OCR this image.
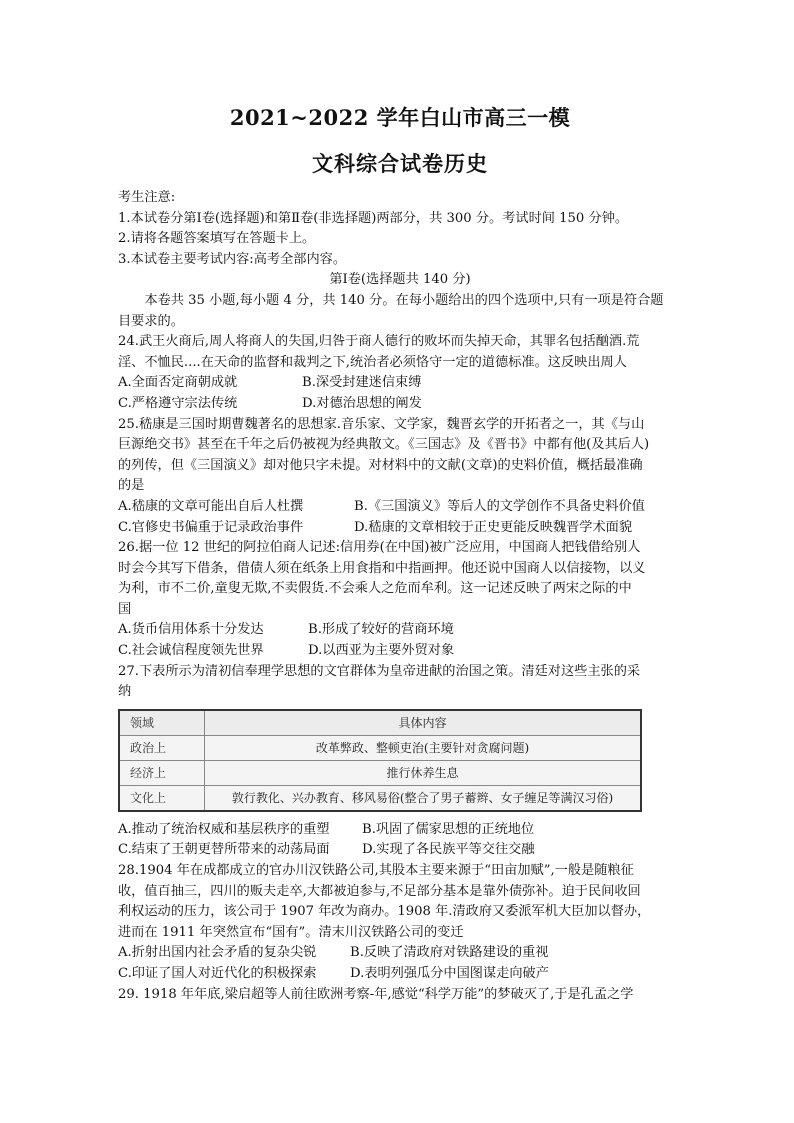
2021~2022 学年白山市高三一模
文科综合试卷历史
考生注意:
1.本试卷分第Ⅰ卷(选择题)和第Ⅱ卷(非选择题)两部分，共 300 分。考试时间 150 分钟。
2.请将各题答案填写在答题卡上。
3.本试卷主要考试内容:高考全部内容。
第Ⅰ卷(选择题共 140 分)
本卷共 35 小题,每小题 4 分，共 140 分。在每小题给出的四个选项中,只有一项是符合题
目要求的。
24.武王火商后,周人将商人的失国,归咎于商人德行的败坏而失掉天命，其罪名包括酗酒.荒
淫、不恤民....在天命的监督和裁判之下,统治者必须恪守一定的道德标准。这反映出周人
A.全面否定商朝成就	B.深受封建迷信束缚
C.严格遵守宗法传统	D.对德治思想的阐发
25.嵇康是三国时期曹魏著名的思想家.音乐家、文学家，魏晋玄学的开拓者之一，其《与山
巨源绝交书》甚至在千年之后仍被视为经典散文。《三国志》及《晋书》中都有他(及其后人)
的列传，但《三国演义》却对他只字未提。对材料中的文献(文章)的史料价值，概括最准确
的是
A.嵇康的文章可能出自后人杜撰	B.《三国演义》等后人的文学创作不具备史料价值
C.官修史书偏重于记录政治事件	D.嵇康的文章相较于正史更能反映魏晋学术面貌
26.据一位 12 世纪的阿拉伯商人记述:信用券(在中国)被广泛应用，中国商人把钱借给别人
时会今其写下借条，借债人须在纸条上用食指和中指画押。他还说中国商人以信接物，以义
为利，市不二价,童叟无欺,不卖假货.不会乘人之危而牟利。这一记述反映了两宋之际的中
国
A.货币信用体系十分发达	B.形成了较好的营商环境
C.社会诚信程度领先世界	D.以西亚为主要外贸对象
27.下表所示为清初信奉理学思想的文官群体为皇帝进献的治国之策。清廷对这些主张的采
纳
领域	具体内容
政治上	改革弊政、整顿吏治(主要针对贪腐问题)
经济上	推行休养生息
文化上	敦行教化、兴办教育、移风易俗(整合了男子蓄辫、女子缠足等满汉习俗)
A.推动了统治权威和基层秩序的重塑	B.巩固了儒家思想的正统地位
C.结束了王朝更替所带来的动荡局面	D.实现了各民族平等交往交融
28.1904 年在成都成立的官办川汉铁路公司,其股本主要来源于“田亩加赋”,一般是随粮征
收，值百抽三，四川的贩夫走卒,大都被迫参与,不足部分基本是靠外债弥补。迫于民间收回
利权运动的压力，该公司于 1907 年改为商办。1908 年.清政府又委派军机大臣加以督办，
进而在 1911 年突然宣布“国有”。清末川汉铁路公司的变迁
A.折射出国内社会矛盾的复杂尖锐	B.反映了清政府对铁路建设的重视
C.印证了国人对近代化的积极探索	D.表明列强瓜分中国图谋走向破产
29. 1918 年年底,梁启超等人前往欧洲考察-年,感觉“科学万能”的梦破灭了,于是孔孟之学
